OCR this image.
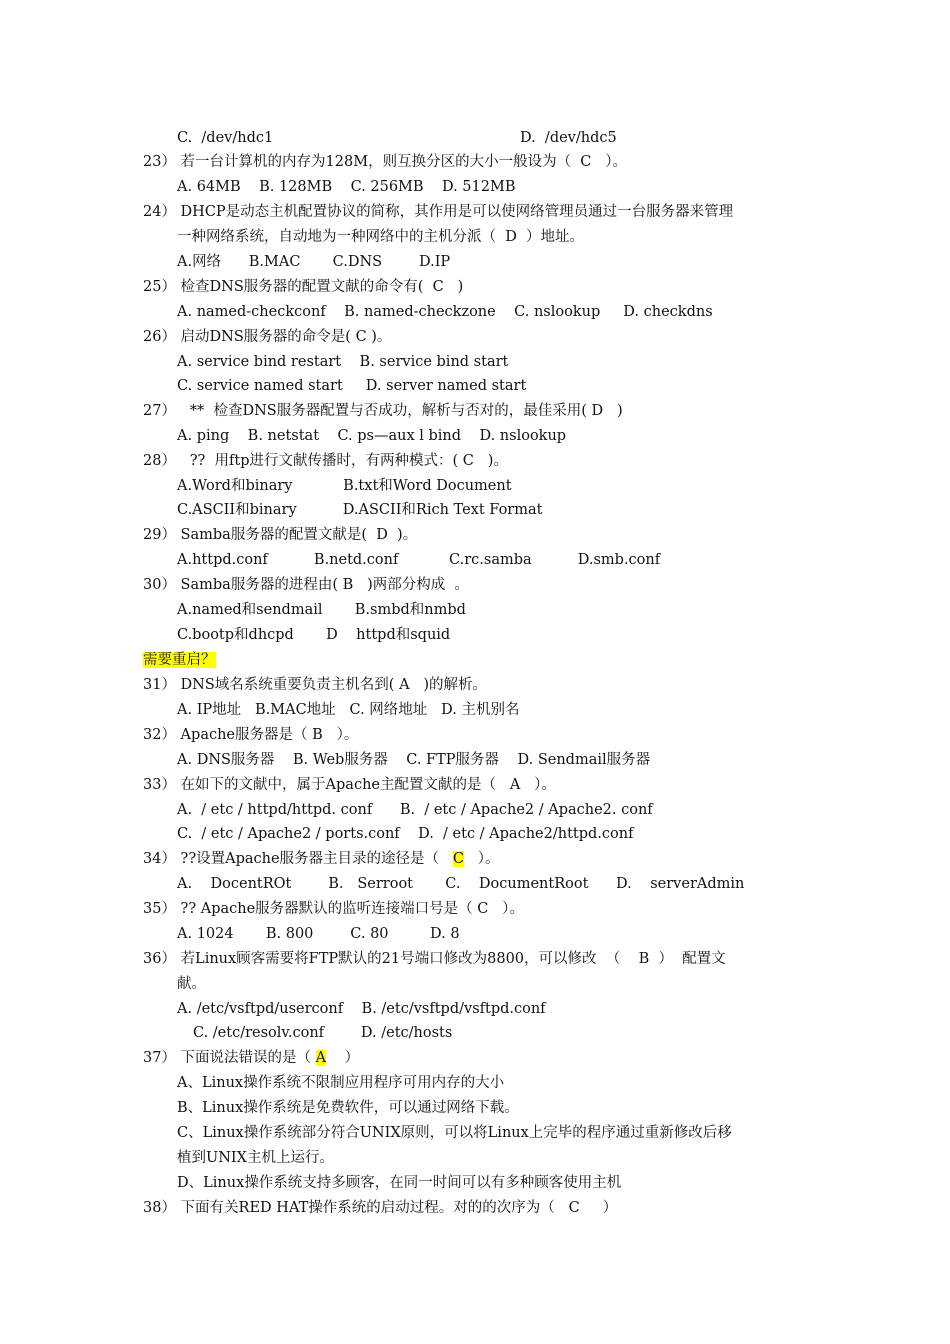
C.  /dev/hdc1	D.  /dev/hdc5
23） 若一台计算机的内存为128M，则互换分区的大小一般设为（  C   ）。
A. 64MB    B. 128MB    C. 256MB    D. 512MB
24） DHCP是动态主机配置协议的简称，其作用是可以使网络管理员通过一台服务器来管理
一种网络系统，自动地为一种网络中的主机分派（  D  ）地址。
A.网络      B.MAC       C.DNS        D.IP
25） 检查DNS服务器的配置文献的命令有(  C   )
A. named-checkconf    B. named-checkzone    C. nslookup     D. checkdns
26） 启动DNS服务器的命令是( C )。
A. service bind restart    B. service bind start
C. service named start     D. server named start
27）   **  检查DNS服务器配置与否成功，解析与否对的，最佳采用( D   )
A. ping    B. netstat    C. ps—aux l bind    D. nslookup
28）   ??  用ftp进行文献传播时，有两种模式：( C   )。
A.Word和binary           B.txt和Word Document
C.ASCII和binary          D.ASCII和Rich Text Format
29） Samba服务器的配置文献是(  D  )。
A.httpd.conf          B.netd.conf           C.rc.samba          D.smb.conf
30） Samba服务器的进程由( B   )两部分构成  。
A.named和sendmail       B.smbd和nmbd
C.bootp和dhcpd       D    httpd和squid
需要重启？
31） DNS域名系统重要负责主机名到( A   )的解析。
A. IP地址   B.MAC地址   C. 网络地址   D. 主机别名
32） Apache服务器是（ B   ）。
A. DNS服务器    B. Web服务器    C. FTP服务器    D. Sendmail服务器
33） 在如下的文献中，属于Apache主配置文献的是（   A   ）。
A.  / etc / httpd/httpd. conf      B.  / etc / Apache2 / Apache2. conf
C.  / etc / Apache2 / ports.conf    D.  / etc / Apache2/httpd.conf
34） ??设置Apache服务器主目录的途径是（   C   ）。
A.    DocentROt        B.   Serroot       C.    DocumentRoot      D.    serverAdmin
35） ?? Apache服务器默认的监听连接端口号是（ C   ）。
A. 1024       B. 800        C. 80         D. 8
36） 若Linux顾客需要将FTP默认的21号端口修改为8800，可以修改  （    B  ）  配置文
献。
A. /etc/vsftpd/userconf    B. /etc/vsftpd/vsftpd.conf
C. /etc/resolv.conf        D. /etc/hosts
37） 下面说法错误的是（ A    ）
A、Linux操作系统不限制应用程序可用内存的大小
B、Linux操作系统是免费软件，可以通过网络下载。
C、Linux操作系统部分符合UNIX原则，可以将Linux上完毕的程序通过重新修改后移
植到UNIX主机上运行。
D、Linux操作系统支持多顾客，在同一时间可以有多种顾客使用主机
38） 下面有关RED HAT操作系统的启动过程。对的的次序为（   C     ）
